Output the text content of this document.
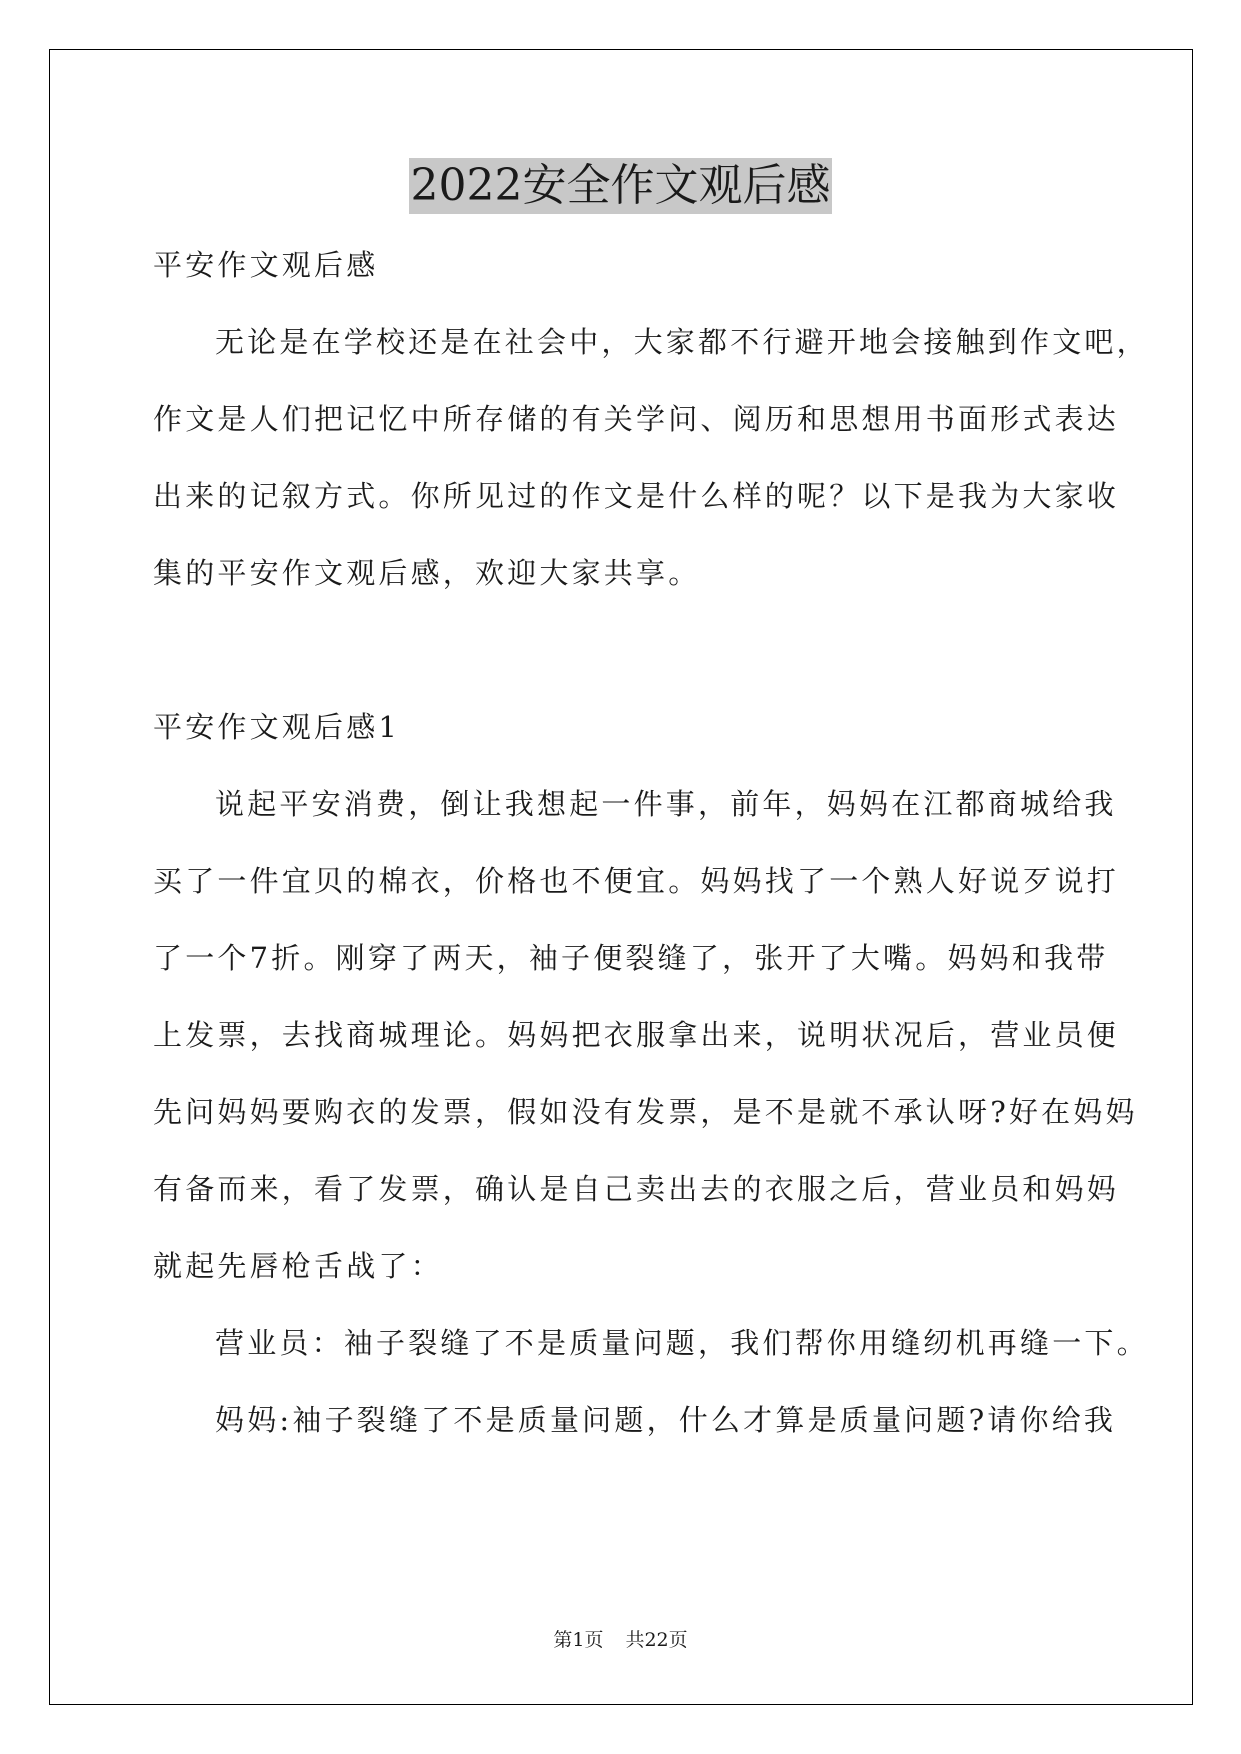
2022安全作文观后感
平安作文观后感
无论是在学校还是在社会中，大家都不行避开地会接触到作文吧，
作文是人们把记忆中所存储的有关学问、阅历和思想用书面形式表达
出来的记叙方式。你所见过的作文是什么样的呢？以下是我为大家收
集的平安作文观后感，欢迎大家共享。
平安作文观后感1
说起平安消费，倒让我想起一件事，前年，妈妈在江都商城给我
买了一件宜贝的棉衣，价格也不便宜。妈妈找了一个熟人好说歹说打
了一个7折。刚穿了两天，袖子便裂缝了，张开了大嘴。妈妈和我带
上发票，去找商城理论。妈妈把衣服拿出来，说明状况后，营业员便
先问妈妈要购衣的发票，假如没有发票，是不是就不承认呀?好在妈妈
有备而来，看了发票，确认是自己卖出去的衣服之后，营业员和妈妈
就起先唇枪舌战了：
营业员：袖子裂缝了不是质量问题，我们帮你用缝纫机再缝一下。
妈妈:袖子裂缝了不是质量问题，什么才算是质量问题?请你给我
第1页 共22页
